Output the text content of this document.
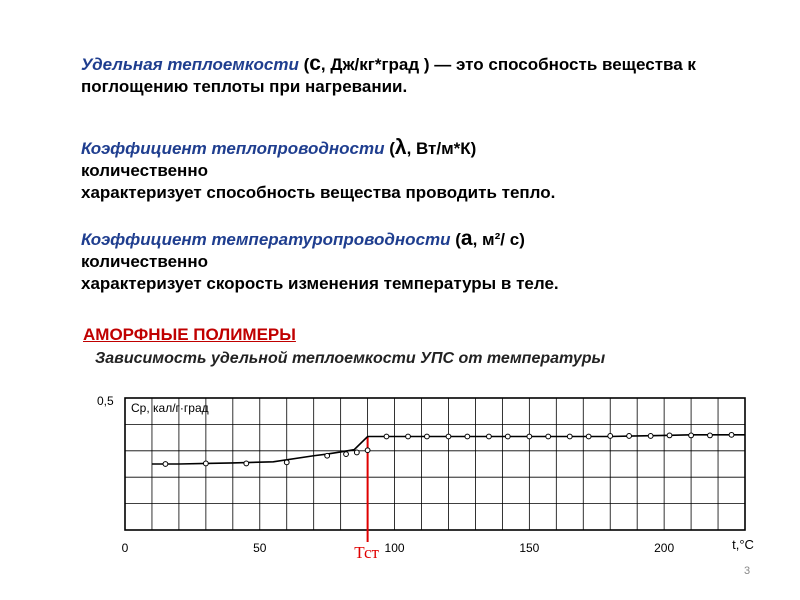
Удельная теплоемкости (с, Дж/кг*град ) — это способность вещества к поглощению теплоты при нагревании.

Коэффициент теплопроводности (λ, Вт/м*К)
количественно
характеризует способность вещества проводить тепло.

Коэффициент температуропроводности (а, м²/ с)
количественно
характеризует скорость изменения температуры в теле.

АМОРФНЫЕ ПОЛИМЕРЫ

Зависимость удельной теплоемкости УПС от температуры

0,5 Cр, кал/г·град
0	50	100	150	200	t,°C
Тст
3
